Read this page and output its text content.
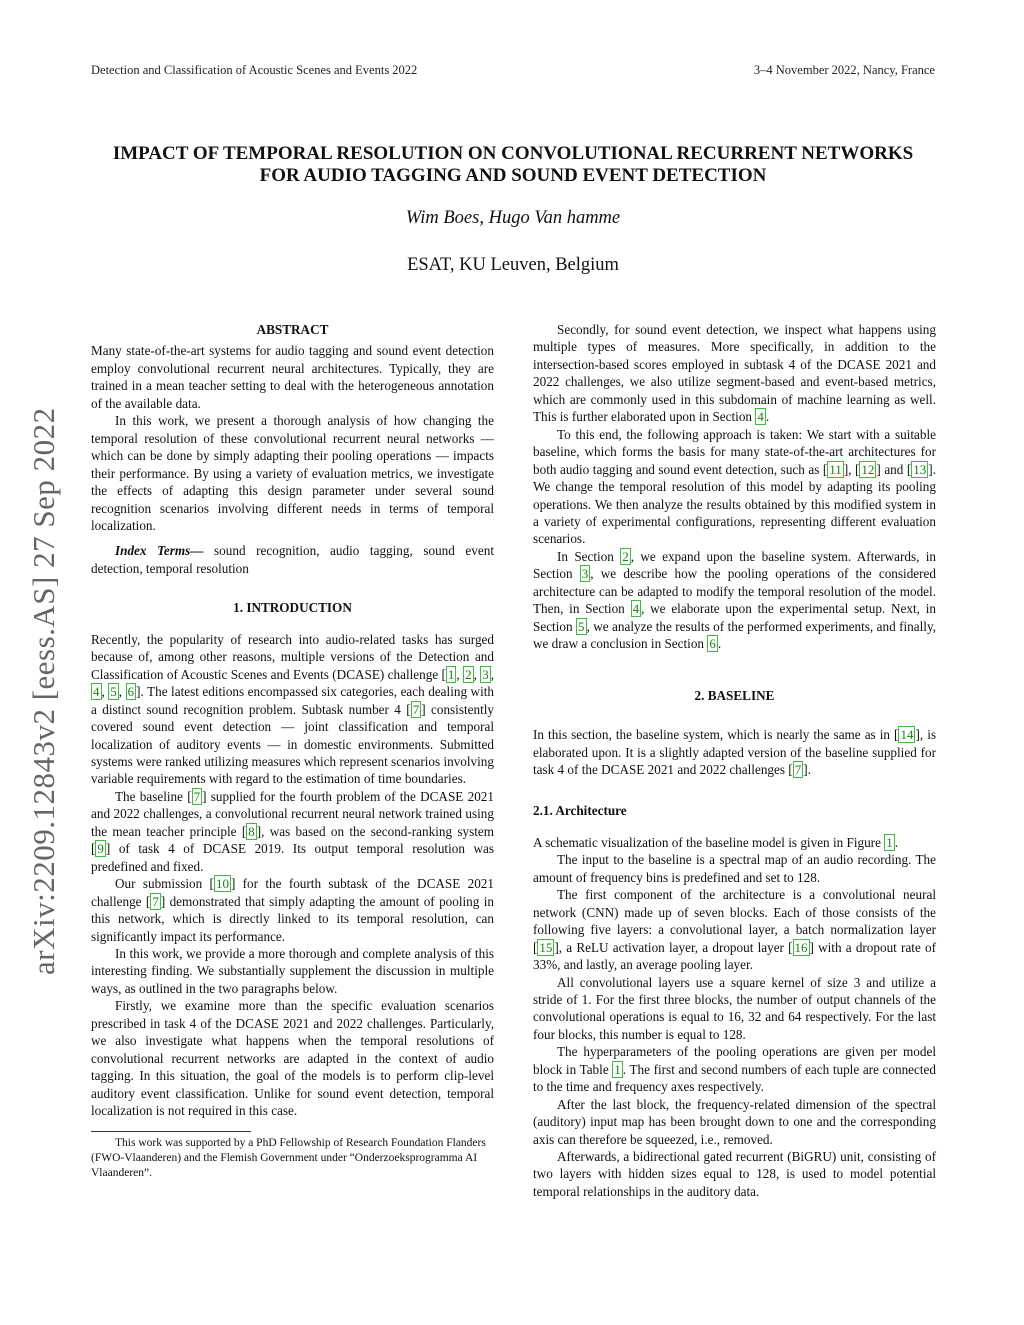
Detection and Classification of Acoustic Scenes and Events 2022	3–4 November 2022, Nancy, France
arXiv:2209.12843v2 [eess.AS] 27 Sep 2022
IMPACT OF TEMPORAL RESOLUTION ON CONVOLUTIONAL RECURRENT NETWORKS
FOR AUDIO TAGGING AND SOUND EVENT DETECTION
Wim Boes, Hugo Van hamme
ESAT, KU Leuven, Belgium
ABSTRACT

Many state-of-the-art systems for audio tagging and sound event detection employ convolutional recurrent neural architectures. Typically, they are trained in a mean teacher setting to deal with the heterogeneous annotation of the available data.

In this work, we present a thorough analysis of how changing the temporal resolution of these convolutional recurrent neural networks — which can be done by simply adapting their pooling operations — impacts their performance. By using a variety of evaluation metrics, we investigate the effects of adapting this design parameter under several sound recognition scenarios involving different needs in terms of temporal localization.

Index Terms— sound recognition, audio tagging, sound event detection, temporal resolution

1. INTRODUCTION

Recently, the popularity of research into audio-related tasks has surged because of, among other reasons, multiple versions of the Detection and Classification of Acoustic Scenes and Events (DCASE) challenge [ 1 , 2 , 3 , 4 , 5 , 6 ]. The latest editions encompassed six categories, each dealing with a distinct sound recognition problem. Subtask number 4 [ 7 ] consistently covered sound event detection — joint classification and temporal localization of auditory events — in domestic environments. Submitted systems were ranked utilizing measures which represent scenarios involving variable requirements with regard to the estimation of time boundaries.

The baseline [ 7 ] supplied for the fourth problem of the DCASE 2021 and 2022 challenges, a convolutional recurrent neural network trained using the mean teacher principle [ 8 ], was based on the second-ranking system [ 9 ] of task 4 of DCASE 2019. Its output temporal resolution was predefined and fixed.

Our submission [ 10 ] for the fourth subtask of the DCASE 2021 challenge [ 7 ] demonstrated that simply adapting the amount of pooling in this network, which is directly linked to its temporal resolution, can significantly impact its performance.

In this work, we provide a more thorough and complete analysis of this interesting finding. We substantially supplement the discussion in multiple ways, as outlined in the two paragraphs below.

Firstly, we examine more than the specific evaluation scenarios prescribed in task 4 of the DCASE 2021 and 2022 challenges. Particularly, we also investigate what happens when the temporal resolutions of convolutional recurrent networks are adapted in the context of audio tagging. In this situation, the goal of the models is to perform clip-level auditory event classification. Unlike for sound event detection, temporal localization is not required in this case.

This work was supported by a PhD Fellowship of Research Foundation Flanders (FWO-Vlaanderen) and the Flemish Government under “Onderzoeksprogramma AI Vlaanderen”.

Secondly, for sound event detection, we inspect what happens using multiple types of measures. More specifically, in addition to the intersection-based scores employed in subtask 4 of the DCASE 2021 and 2022 challenges, we also utilize segment-based and event-based metrics, which are commonly used in this subdomain of machine learning as well. This is further elaborated upon in Section 4 .

To this end, the following approach is taken: We start with a suitable baseline, which forms the basis for many state-of-the-art architectures for both audio tagging and sound event detection, such as [ 11 ], [ 12 ] and [ 13 ]. We change the temporal resolution of this model by adapting its pooling operations. We then analyze the results obtained by this modified system in a variety of experimental configurations, representing different evaluation scenarios.

In Section 2 , we expand upon the baseline system. Afterwards, in Section 3 , we describe how the pooling operations of the considered architecture can be adapted to modify the temporal resolution of the model. Then, in Section 4 , we elaborate upon the experimental setup. Next, in Section 5 , we analyze the results of the performed experiments, and finally, we draw a conclusion in Section 6 .

2. BASELINE

In this section, the baseline system, which is nearly the same as in [ 14 ], is elaborated upon. It is a slightly adapted version of the baseline supplied for task 4 of the DCASE 2021 and 2022 challenges [ 7 ].

2.1. Architecture

A schematic visualization of the baseline model is given in Figure 1 .

The input to the baseline is a spectral map of an audio recording. The amount of frequency bins is predefined and set to 128.

The first component of the architecture is a convolutional neural network (CNN) made up of seven blocks. Each of those consists of the following five layers: a convolutional layer, a batch normalization layer [ 15 ], a ReLU activation layer, a dropout layer [ 16 ] with a dropout rate of 33%, and lastly, an average pooling layer.

All convolutional layers use a square kernel of size 3 and utilize a stride of 1. For the first three blocks, the number of output channels of the convolutional operations is equal to 16, 32 and 64 respectively. For the last four blocks, this number is equal to 128.

The hyperparameters of the pooling operations are given per model block in Table 1 . The first and second numbers of each tuple are connected to the time and frequency axes respectively.

After the last block, the frequency-related dimension of the spectral (auditory) input map has been brought down to one and the corresponding axis can therefore be squeezed, i.e., removed.

Afterwards, a bidirectional gated recurrent (BiGRU) unit, consisting of two layers with hidden sizes equal to 128, is used to model potential temporal relationships in the auditory data.
